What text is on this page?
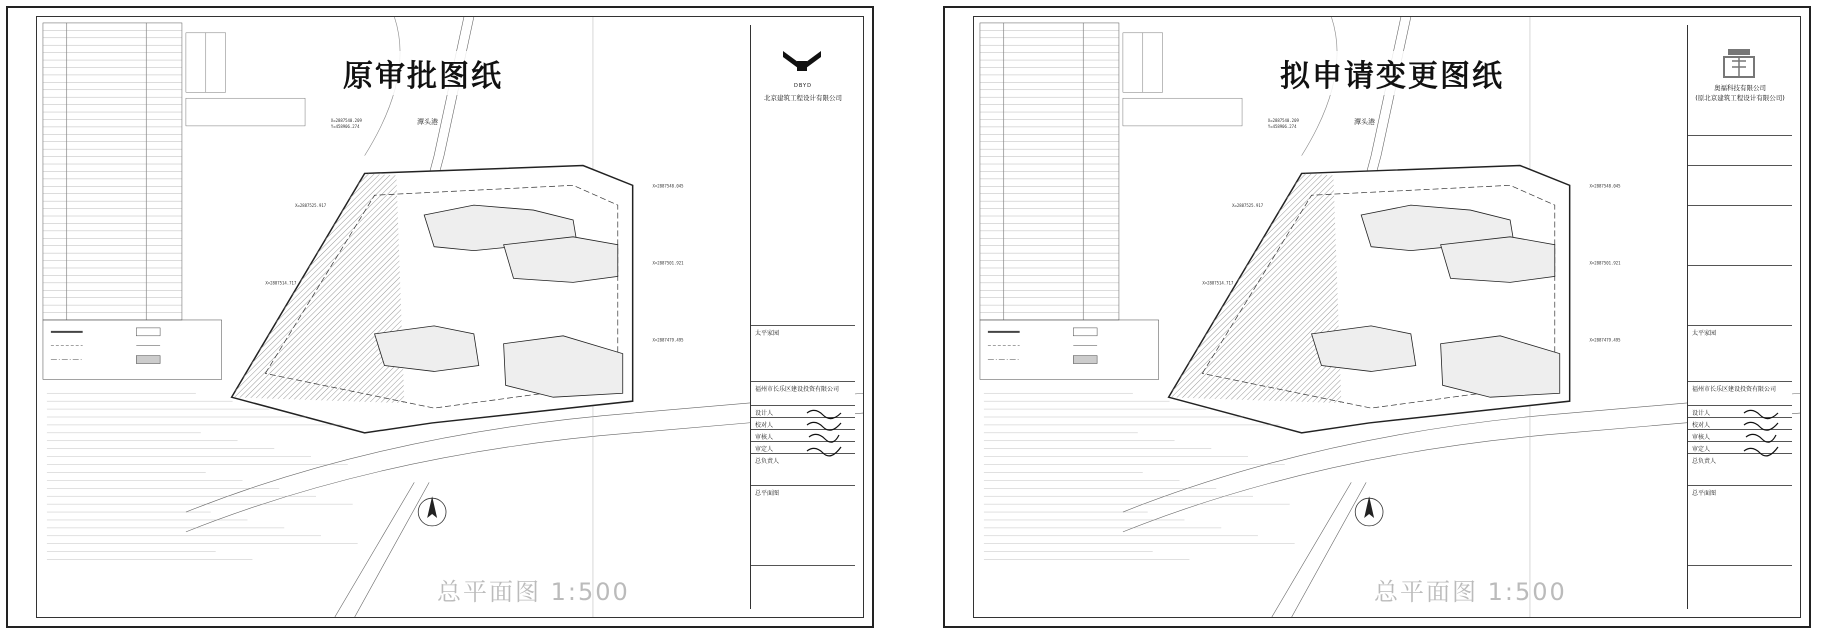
X=2887540.209
Y=458906.274
X=2887525.917
X=2887514.717
X=2887548.045
X=2887501.921
X=2887479.495
原审批图纸
总平面图 1:500
潭头港
DBYD
北京建筑工程设计有限公司
太平家园
福州市长乐区建设投资有限公司
设计人
校对人
审核人
审定人
总负责人
总平面图
X=2887540.209
Y=458906.274
X=2887525.917
X=2887514.717
X=2887548.045
X=2887501.921
X=2887479.495
拟申请变更图纸
总平面图 1:500
潭头港
奥福科技有限公司
(原北京建筑工程设计有限公司)
太平家园
福州市长乐区建设投资有限公司
设计人
校对人
审核人
审定人
总负责人
总平面图
